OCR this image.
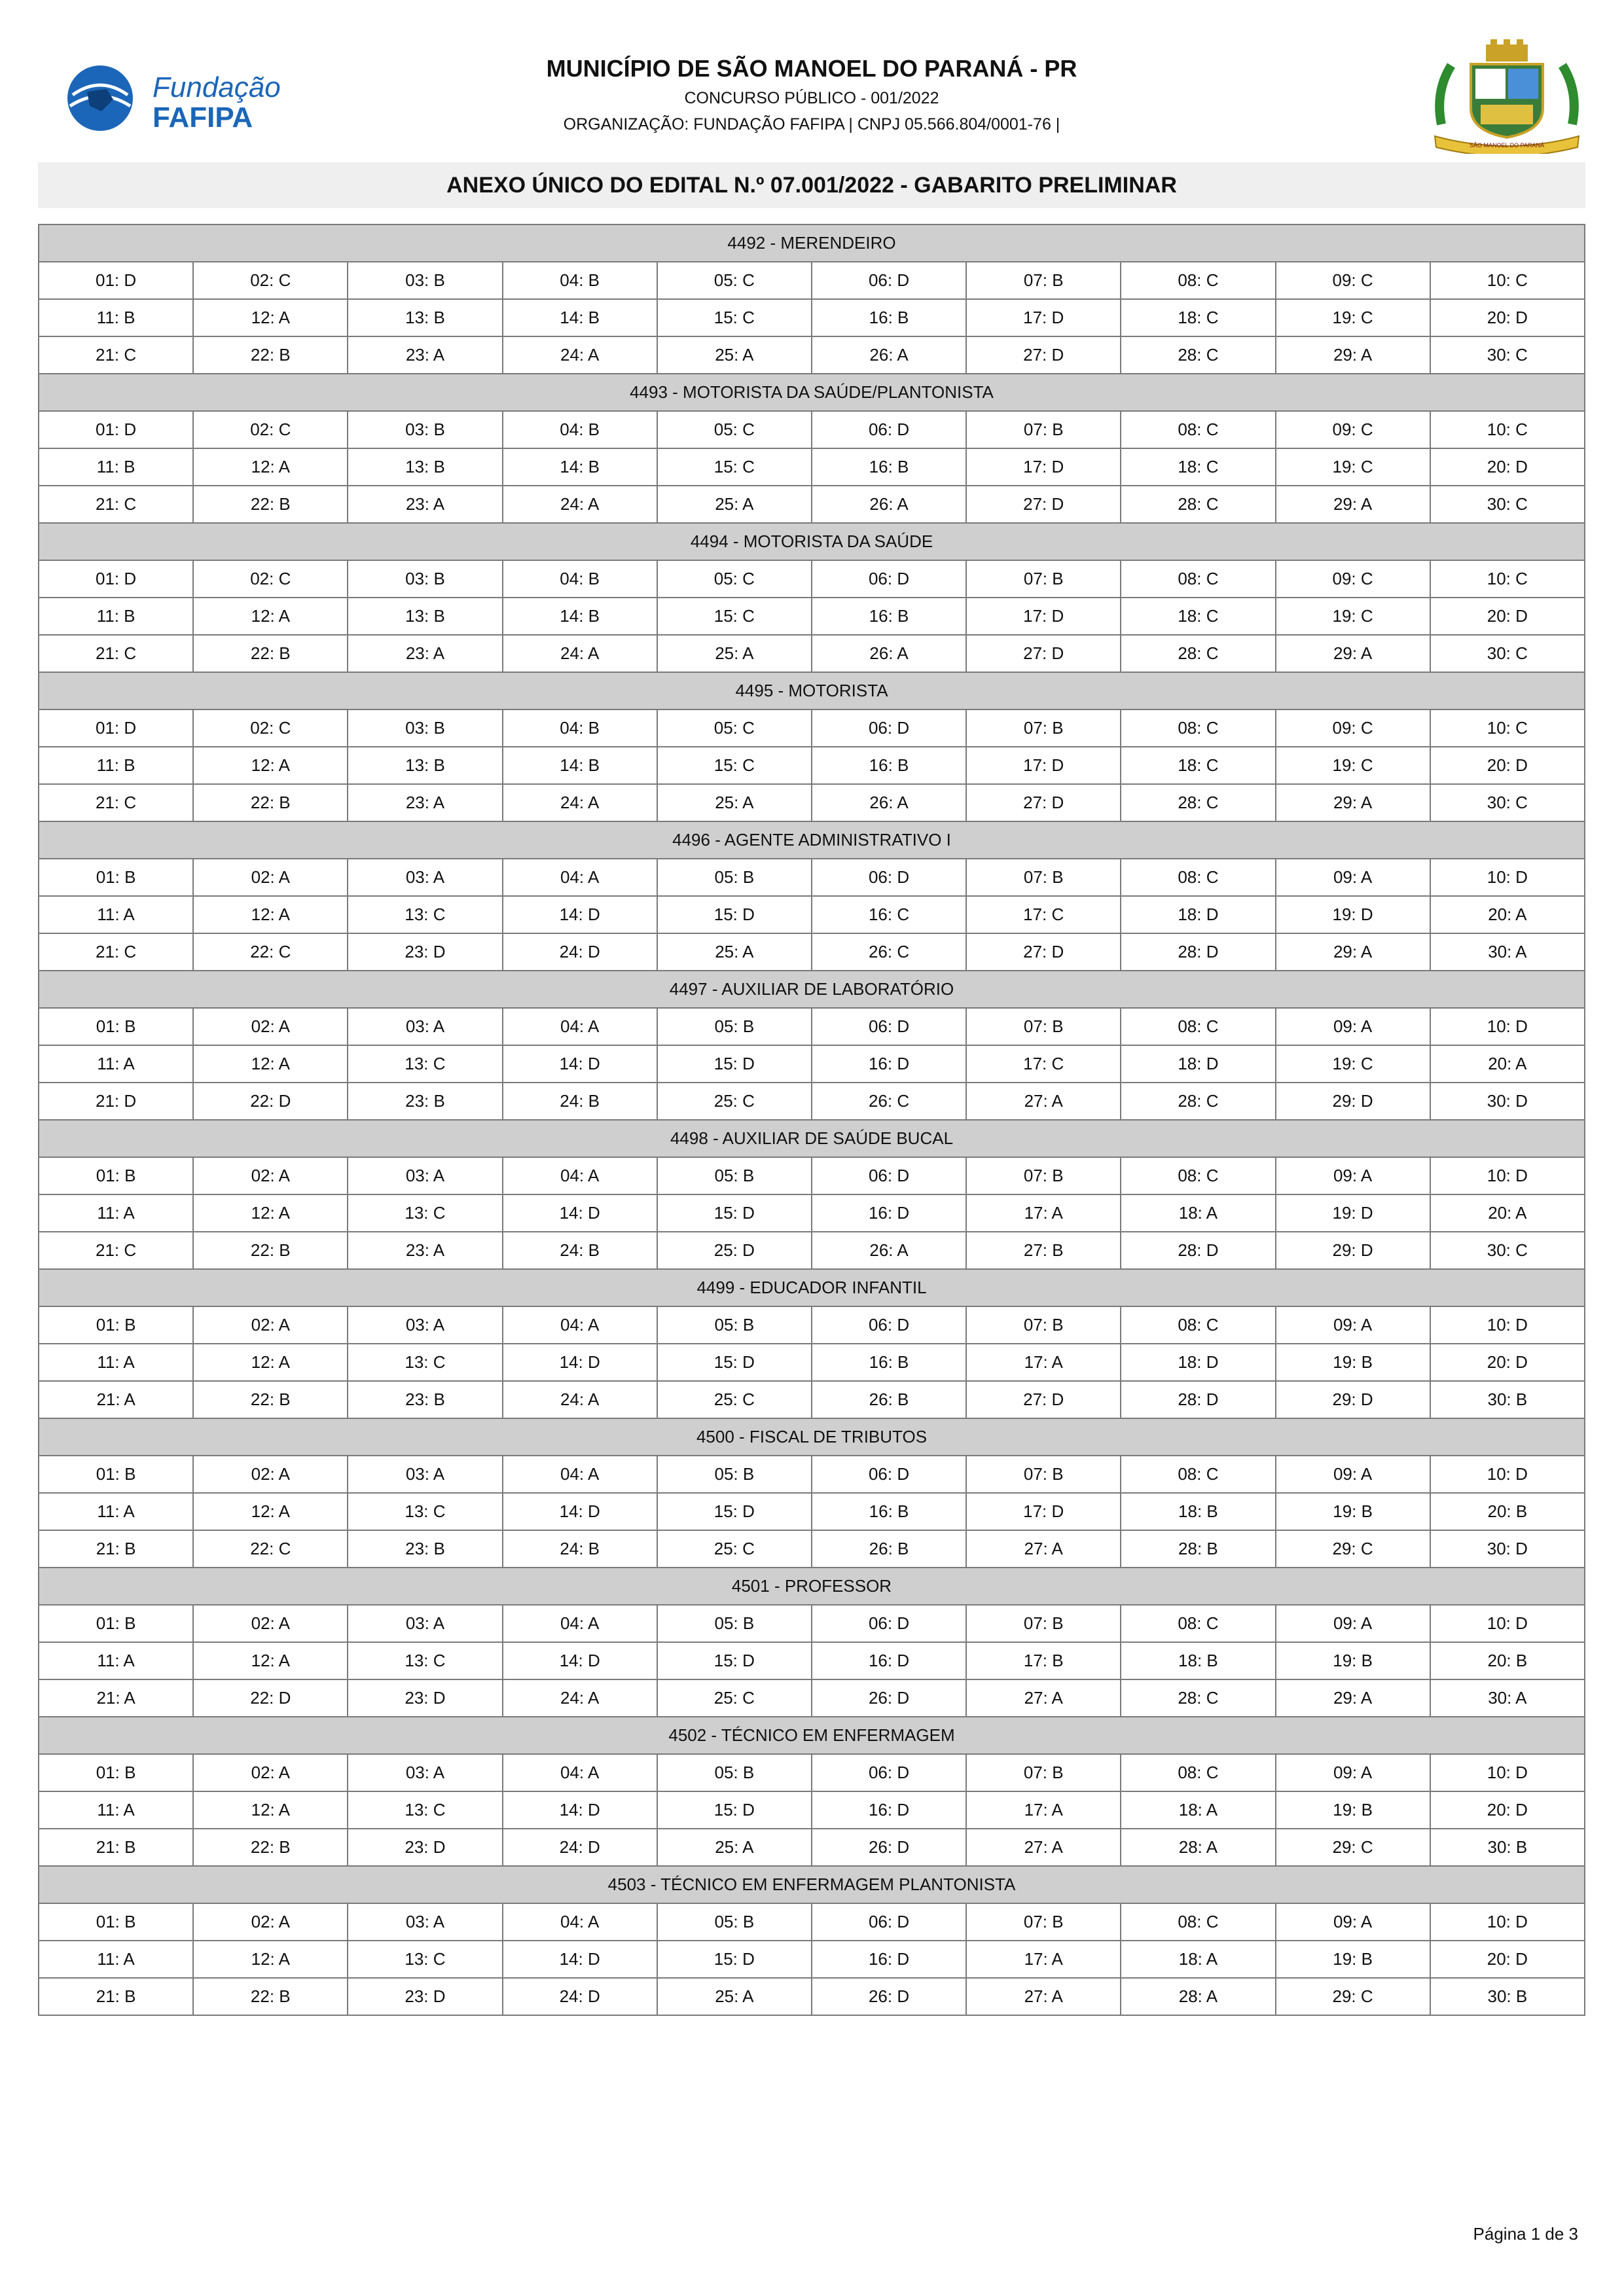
Fundação
FAFIPA
MUNICÍPIO DE SÃO MANOEL DO PARANÁ - PR
CONCURSO PÚBLICO - 001/2022
ORGANIZAÇÃO: FUNDAÇÃO FAFIPA | CNPJ 05.566.804/0001-76 |
SÃO MANOEL DO PARANÁ
ANEXO ÚNICO DO EDITAL N.º 07.001/2022 - GABARITO PRELIMINAR
4492 - MERENDEIRO									
01: D	02: C	03: B	04: B	05: C	06: D	07: B	08: C	09: C	10: C
11: B	12: A	13: B	14: B	15: C	16: B	17: D	18: C	19: C	20: D
21: C	22: B	23: A	24: A	25: A	26: A	27: D	28: C	29: A	30: C
4493 - MOTORISTA DA SAÚDE/PLANTONISTA									
01: D	02: C	03: B	04: B	05: C	06: D	07: B	08: C	09: C	10: C
11: B	12: A	13: B	14: B	15: C	16: B	17: D	18: C	19: C	20: D
21: C	22: B	23: A	24: A	25: A	26: A	27: D	28: C	29: A	30: C
4494 - MOTORISTA DA SAÚDE									
01: D	02: C	03: B	04: B	05: C	06: D	07: B	08: C	09: C	10: C
11: B	12: A	13: B	14: B	15: C	16: B	17: D	18: C	19: C	20: D
21: C	22: B	23: A	24: A	25: A	26: A	27: D	28: C	29: A	30: C
4495 - MOTORISTA									
01: D	02: C	03: B	04: B	05: C	06: D	07: B	08: C	09: C	10: C
11: B	12: A	13: B	14: B	15: C	16: B	17: D	18: C	19: C	20: D
21: C	22: B	23: A	24: A	25: A	26: A	27: D	28: C	29: A	30: C
4496 - AGENTE ADMINISTRATIVO I									
01: B	02: A	03: A	04: A	05: B	06: D	07: B	08: C	09: A	10: D
11: A	12: A	13: C	14: D	15: D	16: C	17: C	18: D	19: D	20: A
21: C	22: C	23: D	24: D	25: A	26: C	27: D	28: D	29: A	30: A
4497 - AUXILIAR DE LABORATÓRIO									
01: B	02: A	03: A	04: A	05: B	06: D	07: B	08: C	09: A	10: D
11: A	12: A	13: C	14: D	15: D	16: D	17: C	18: D	19: C	20: A
21: D	22: D	23: B	24: B	25: C	26: C	27: A	28: C	29: D	30: D
4498 - AUXILIAR DE SAÚDE BUCAL									
01: B	02: A	03: A	04: A	05: B	06: D	07: B	08: C	09: A	10: D
11: A	12: A	13: C	14: D	15: D	16: D	17: A	18: A	19: D	20: A
21: C	22: B	23: A	24: B	25: D	26: A	27: B	28: D	29: D	30: C
4499 - EDUCADOR INFANTIL									
01: B	02: A	03: A	04: A	05: B	06: D	07: B	08: C	09: A	10: D
11: A	12: A	13: C	14: D	15: D	16: B	17: A	18: D	19: B	20: D
21: A	22: B	23: B	24: A	25: C	26: B	27: D	28: D	29: D	30: B
4500 - FISCAL DE TRIBUTOS									
01: B	02: A	03: A	04: A	05: B	06: D	07: B	08: C	09: A	10: D
11: A	12: A	13: C	14: D	15: D	16: B	17: D	18: B	19: B	20: B
21: B	22: C	23: B	24: B	25: C	26: B	27: A	28: B	29: C	30: D
4501 - PROFESSOR									
01: B	02: A	03: A	04: A	05: B	06: D	07: B	08: C	09: A	10: D
11: A	12: A	13: C	14: D	15: D	16: D	17: B	18: B	19: B	20: B
21: A	22: D	23: D	24: A	25: C	26: D	27: A	28: C	29: A	30: A
4502 - TÉCNICO EM ENFERMAGEM									
01: B	02: A	03: A	04: A	05: B	06: D	07: B	08: C	09: A	10: D
11: A	12: A	13: C	14: D	15: D	16: D	17: A	18: A	19: B	20: D
21: B	22: B	23: D	24: D	25: A	26: D	27: A	28: A	29: C	30: B
4503 - TÉCNICO EM ENFERMAGEM PLANTONISTA									
01: B	02: A	03: A	04: A	05: B	06: D	07: B	08: C	09: A	10: D
11: A	12: A	13: C	14: D	15: D	16: D	17: A	18: A	19: B	20: D
21: B	22: B	23: D	24: D	25: A	26: D	27: A	28: A	29: C	30: B
Página 1 de 3
